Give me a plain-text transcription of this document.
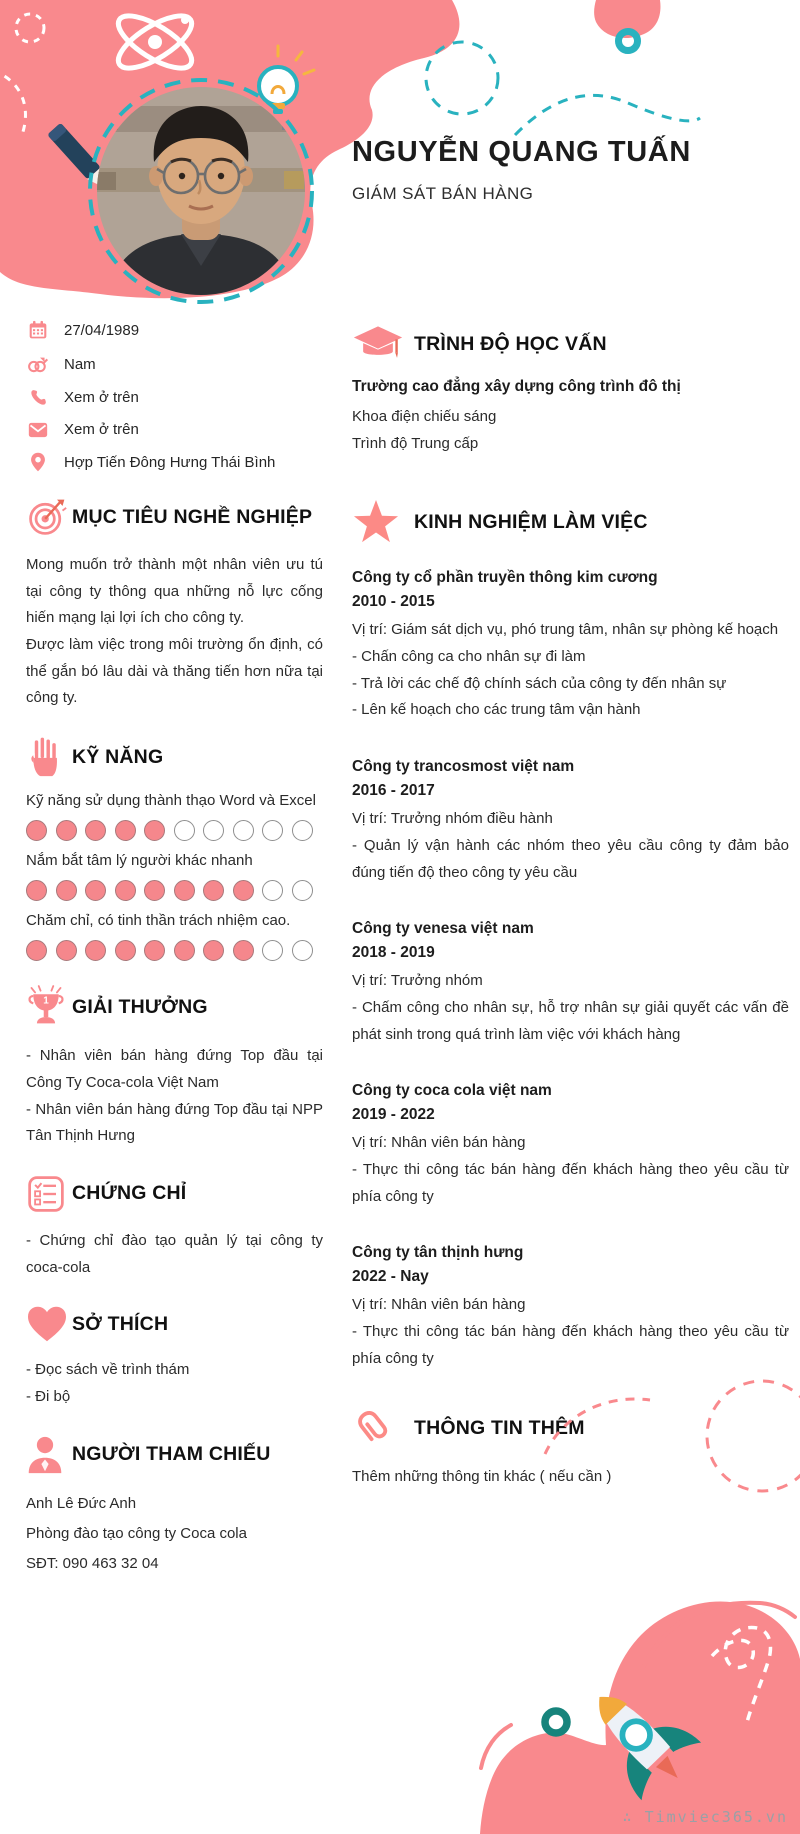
NGUYỄN QUANG TUẤN
GIÁM SÁT BÁN HÀNG
27/04/1989
Nam
Xem ở trên
Xem ở trên
Hợp Tiến Đông Hưng Thái Bình
MỤC TIÊU NGHỀ NGHIỆP

Mong muốn trở thành một nhân viên ưu tú tại công ty thông qua những nỗ lực cống hiến mạng lại lợi ích cho công ty.

Được làm việc trong môi trường ổn định, có thể gắn bó lâu dài và thăng tiến hơn nữa tại công ty.

KỸ NĂNG
Kỹ năng sử dụng thành thạo Word và Excel
Nắm bắt tâm lý người khác nhanh
Chăm chỉ, có tinh thần trách nhiệm cao.
1 GIẢI THƯỞNG

- Nhân viên bán hàng đứng Top đầu tại Công Ty Coca-cola Việt Nam

- Nhân viên bán hàng đứng Top đầu tại NPP Tân Thịnh Hưng

CHỨNG CHỈ

- Chứng chỉ đào tạo quản lý tại công ty coca-cola

SỞ THÍCH

- Đọc sách về trình thám

- Đi bộ

NGƯỜI THAM CHIẾU

Anh Lê Đức Anh

Phòng đào tạo công ty Coca cola

SĐT: 090 463 32 04

TRÌNH ĐỘ HỌC VẤN

Trường cao đẳng xây dựng công trình đô thị

Khoa điện chiếu sáng

Trình độ Trung cấp

KINH NGHIỆM LÀM VIỆC

Công ty cổ phần truyền thông kim cương

2010 - 2015

Vị trí: Giám sát dịch vụ, phó trung tâm, nhân sự phòng kế hoạch

- Chấn công ca cho nhân sự đi làm

- Trả lời các chế độ chính sách của công ty đến nhân sự

- Lên kế hoạch cho các trung tâm vận hành

Công ty trancosmost việt nam

2016 - 2017

Vị trí: Trưởng nhóm điều hành

- Quản lý vận hành các nhóm theo yêu cầu công ty đảm bảo đúng tiến độ theo công ty yêu cầu

Công ty venesa việt nam

2018 - 2019

Vị trí: Trưởng nhóm

- Chấm công cho nhân sự, hỗ trợ nhân sự giải quyết các vấn đề phát sinh trong quá trình làm việc với khách hàng

Công ty coca cola việt nam

2019 - 2022

Vị trí: Nhân viên bán hàng

- Thực thi công tác bán hàng đến khách hàng theo yêu cầu từ phía công ty

Công ty tân thịnh hưng

2022 - Nay

Vị trí: Nhân viên bán hàng

- Thực thi công tác bán hàng đến khách hàng theo yêu cầu từ phía công ty

THÔNG TIN THÊM

Thêm những thông tin khác ( nếu cần )

∴ Timviec365.vn
